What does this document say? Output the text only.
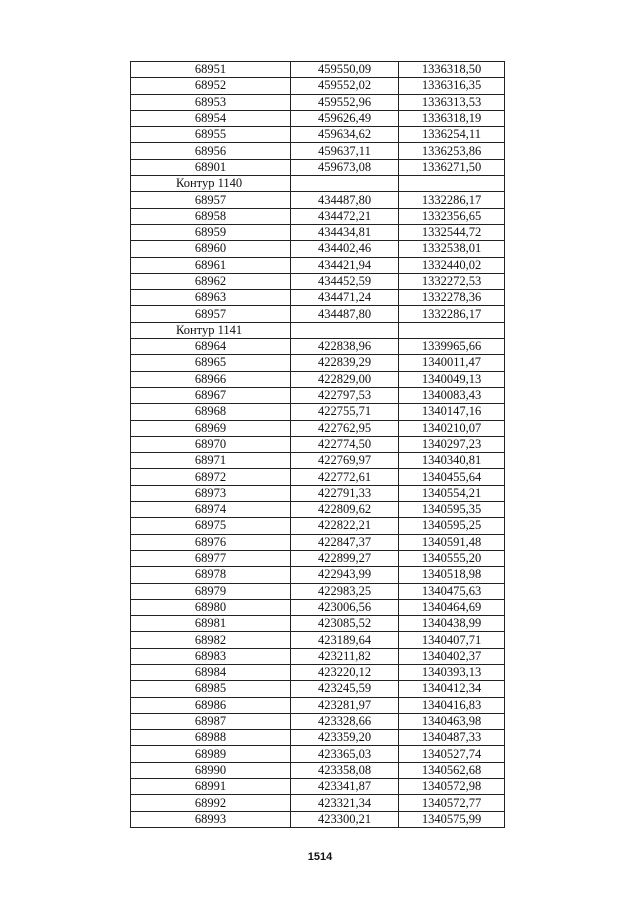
68951	459550,09	1336318,50
68952	459552,02	1336316,35
68953	459552,96	1336313,53
68954	459626,49	1336318,19
68955	459634,62	1336254,11
68956	459637,11	1336253,86
68901	459673,08	1336271,50
Контур 1140		
68957	434487,80	1332286,17
68958	434472,21	1332356,65
68959	434434,81	1332544,72
68960	434402,46	1332538,01
68961	434421,94	1332440,02
68962	434452,59	1332272,53
68963	434471,24	1332278,36
68957	434487,80	1332286,17
Контур 1141		
68964	422838,96	1339965,66
68965	422839,29	1340011,47
68966	422829,00	1340049,13
68967	422797,53	1340083,43
68968	422755,71	1340147,16
68969	422762,95	1340210,07
68970	422774,50	1340297,23
68971	422769,97	1340340,81
68972	422772,61	1340455,64
68973	422791,33	1340554,21
68974	422809,62	1340595,35
68975	422822,21	1340595,25
68976	422847,37	1340591,48
68977	422899,27	1340555,20
68978	422943,99	1340518,98
68979	422983,25	1340475,63
68980	423006,56	1340464,69
68981	423085,52	1340438,99
68982	423189,64	1340407,71
68983	423211,82	1340402,37
68984	423220,12	1340393,13
68985	423245,59	1340412,34
68986	423281,97	1340416,83
68987	423328,66	1340463,98
68988	423359,20	1340487,33
68989	423365,03	1340527,74
68990	423358,08	1340562,68
68991	423341,87	1340572,98
68992	423321,34	1340572,77
68993	423300,21	1340575,99
1514
